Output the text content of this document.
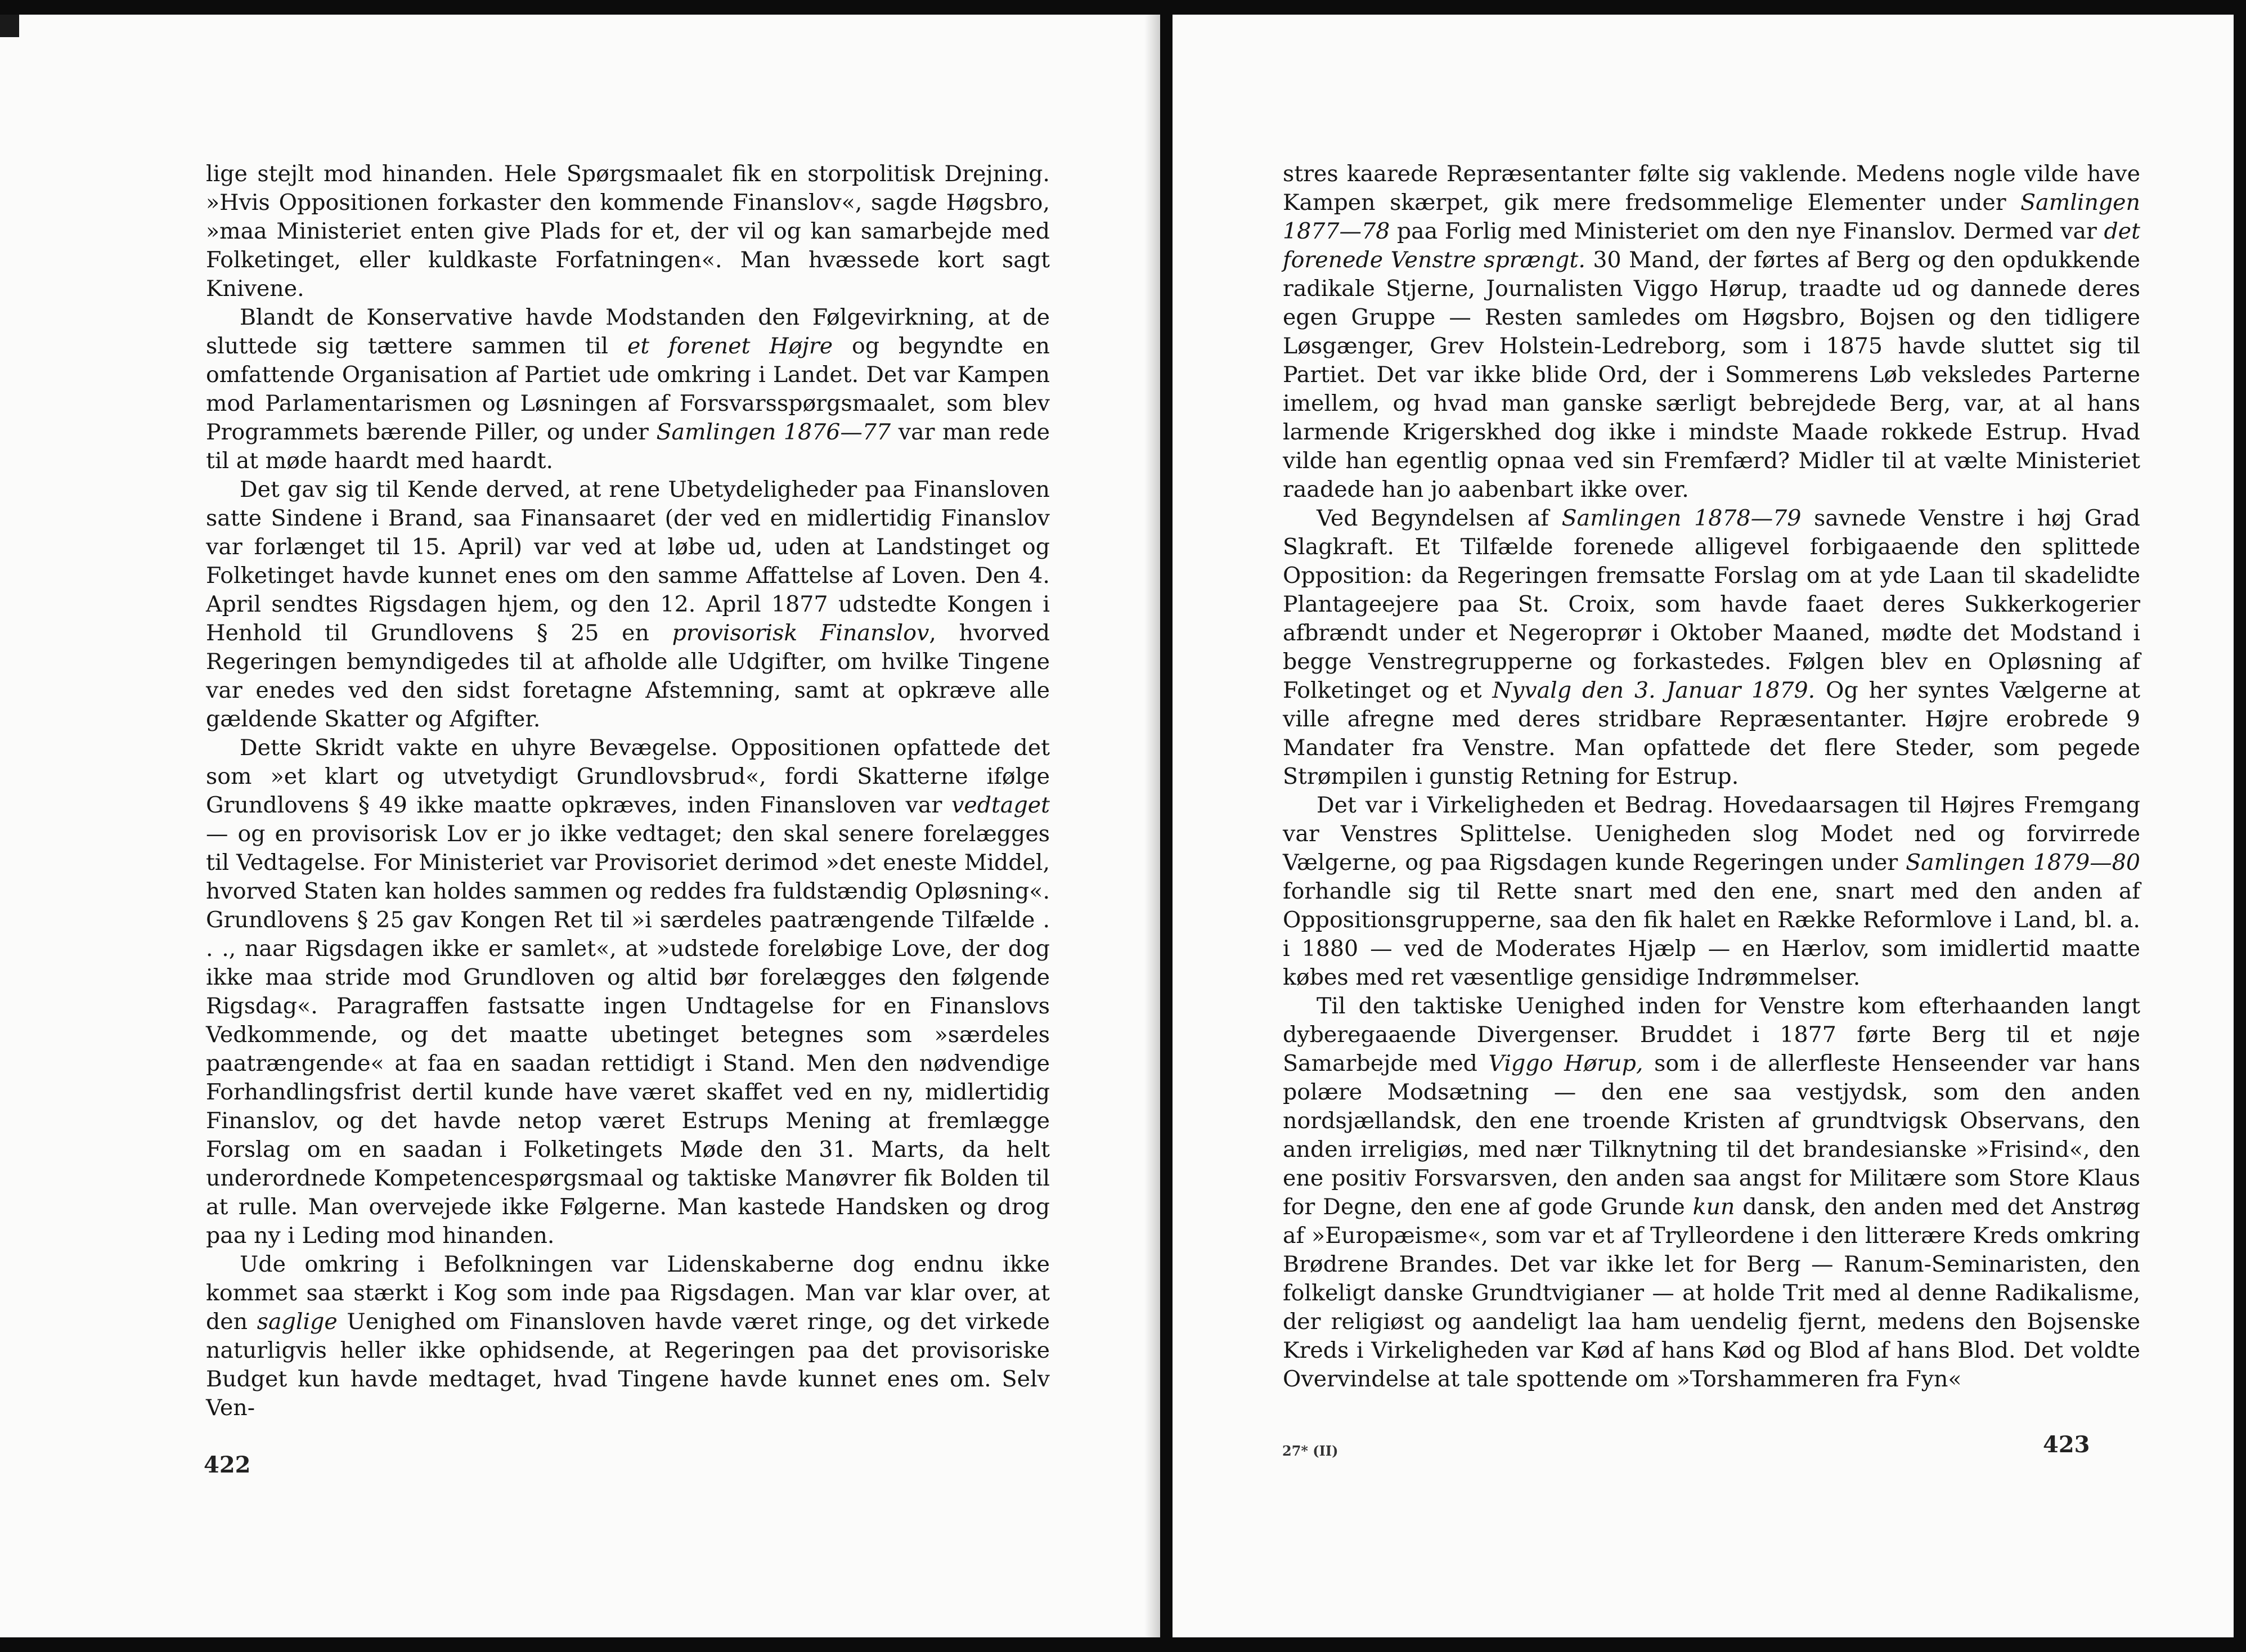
lige stejlt mod hinanden. Hele Spørgsmaalet fik en storpolitisk Drejning. »Hvis Oppositionen forkaster den kommende Finanslov«, sagde Høgsbro, »maa Ministeriet enten give Plads for et, der vil og kan samarbejde med Folketinget, eller kuldkaste Forfatningen«. Man hvæssede kort sagt Knivene.

Blandt de Konservative havde Modstanden den Følgevirkning, at de sluttede sig tættere sammen til et forenet Højre og begyndte en omfattende Organisation af Partiet ude omkring i Landet. Det var Kampen mod Parlamentarismen og Løsningen af Forsvarsspørgsmaalet, som blev Programmets bærende Piller, og under Samlingen 1876—77 var man rede til at møde haardt med haardt.

Det gav sig til Kende derved, at rene Ubetydeligheder paa Finansloven satte Sindene i Brand, saa Finansaaret (der ved en midlertidig Finanslov var forlænget til 15. April) var ved at løbe ud, uden at Landstinget og Folketinget havde kunnet enes om den samme Affattelse af Loven. Den 4. April sendtes Rigsdagen hjem, og den 12. April 1877 udstedte Kongen i Henhold til Grundlovens § 25 en provisorisk Finanslov, hvorved Regeringen bemyndigedes til at afholde alle Udgifter, om hvilke Tingene var enedes ved den sidst foretagne Afstemning, samt at opkræve alle gældende Skatter og Afgifter.

Dette Skridt vakte en uhyre Bevægelse. Oppositionen opfattede det som »et klart og utvetydigt Grundlovsbrud«, fordi Skatterne ifølge Grundlovens § 49 ikke maatte opkræves, inden Finansloven var vedtaget — og en provisorisk Lov er jo ikke vedtaget; den skal senere forelægges til Vedtagelse. For Ministeriet var Provisoriet derimod »det eneste Middel, hvorved Staten kan holdes sammen og reddes fra fuldstændig Opløsning«. Grundlovens § 25 gav Kongen Ret til »i særdeles paatrængende Tilfælde . . ., naar Rigsdagen ikke er samlet«, at »udstede foreløbige Love, der dog ikke maa stride mod Grundloven og altid bør forelægges den følgende Rigsdag«. Paragraffen fastsatte ingen Undtagelse for en Finanslovs Vedkommende, og det maatte ubetinget betegnes som »særdeles paatrængende« at faa en saadan rettidigt i Stand. Men den nødvendige Forhandlingsfrist dertil kunde have været skaffet ved en ny, midlertidig Finanslov, og det havde netop været Estrups Mening at fremlægge Forslag om en saadan i Folketingets Møde den 31. Marts, da helt underordnede Kompetencespørgsmaal og taktiske Manøvrer fik Bolden til at rulle. Man overvejede ikke Følgerne. Man kastede Handsken og drog paa ny i Leding mod hinanden.

Ude omkring i Befolkningen var Lidenskaberne dog endnu ikke kommet saa stærkt i Kog som inde paa Rigsdagen. Man var klar over, at den saglige Uenighed om Finansloven havde været ringe, og det virkede naturligvis heller ikke ophidsende, at Regeringen paa det provisoriske Budget kun havde medtaget, hvad Tingene havde kunnet enes om. Selv Ven-

422

stres kaarede Repræsentanter følte sig vaklende. Medens nogle vilde have Kampen skærpet, gik mere fredsommelige Elementer under Samlingen 1877—78 paa Forlig med Ministeriet om den nye Finanslov. Dermed var det forenede Venstre sprængt. 30 Mand, der førtes af Berg og den opdukkende radikale Stjerne, Journalisten Viggo Hørup, traadte ud og dannede deres egen Gruppe — Resten samledes om Høgsbro, Bojsen og den tidligere Løsgænger, Grev Holstein-Ledreborg, som i 1875 havde sluttet sig til Partiet. Det var ikke blide Ord, der i Sommerens Løb veksledes Parterne imellem, og hvad man ganske særligt bebrejdede Berg, var, at al hans larmende Krigerskhed dog ikke i mindste Maade rokkede Estrup. Hvad vilde han egentlig opnaa ved sin Fremfærd? Midler til at vælte Ministeriet raadede han jo aabenbart ikke over.

Ved Begyndelsen af Samlingen 1878—79 savnede Venstre i høj Grad Slagkraft. Et Tilfælde forenede alligevel forbigaaende den splittede Opposition: da Regeringen fremsatte Forslag om at yde Laan til skadelidte Plantageejere paa St. Croix, som havde faaet deres Sukkerkogerier afbrændt under et Negeroprør i Oktober Maaned, mødte det Modstand i begge Venstregrupperne og forkastedes. Følgen blev en Opløsning af Folketinget og et Nyvalg den 3. Januar 1879. Og her syntes Vælgerne at ville afregne med deres stridbare Repræsentanter. Højre erobrede 9 Mandater fra Venstre. Man opfattede det flere Steder, som pegede Strømpilen i gunstig Retning for Estrup.

Det var i Virkeligheden et Bedrag. Hovedaarsagen til Højres Fremgang var Venstres Splittelse. Uenigheden slog Modet ned og forvirrede Vælgerne, og paa Rigsdagen kunde Regeringen under Samlingen 1879—80 forhandle sig til Rette snart med den ene, snart med den anden af Oppositionsgrupperne, saa den fik halet en Række Reformlove i Land, bl. a. i 1880 — ved de Moderates Hjælp — en Hærlov, som imidlertid maatte købes med ret væsentlige gensidige Indrømmelser.

Til den taktiske Uenighed inden for Venstre kom efterhaanden langt dyberegaaende Divergenser. Bruddet i 1877 førte Berg til et nøje Samarbejde med Viggo Hørup, som i de allerfleste Henseender var hans polære Modsætning — den ene saa vestjydsk, som den anden nordsjællandsk, den ene troende Kristen af grundtvigsk Observans, den anden irreligiøs, med nær Tilknytning til det brandesianske »Frisind«, den ene positiv Forsvarsven, den anden saa angst for Militære som Store Klaus for Degne, den ene af gode Grunde kun dansk, den anden med det Anstrøg af »Europæisme«, som var et af Trylleordene i den litterære Kreds omkring Brødrene Brandes. Det var ikke let for Berg — Ranum-Seminaristen, den folkeligt danske Grundtvigianer — at holde Trit med al denne Radikalisme, der religiøst og aandeligt laa ham uendelig fjernt, medens den Bojsenske Kreds i Virkeligheden var Kød af hans Kød og Blod af hans Blod. Det voldte Overvindelse at tale spottende om »Torshammeren fra Fyn«

27* (II)	423
